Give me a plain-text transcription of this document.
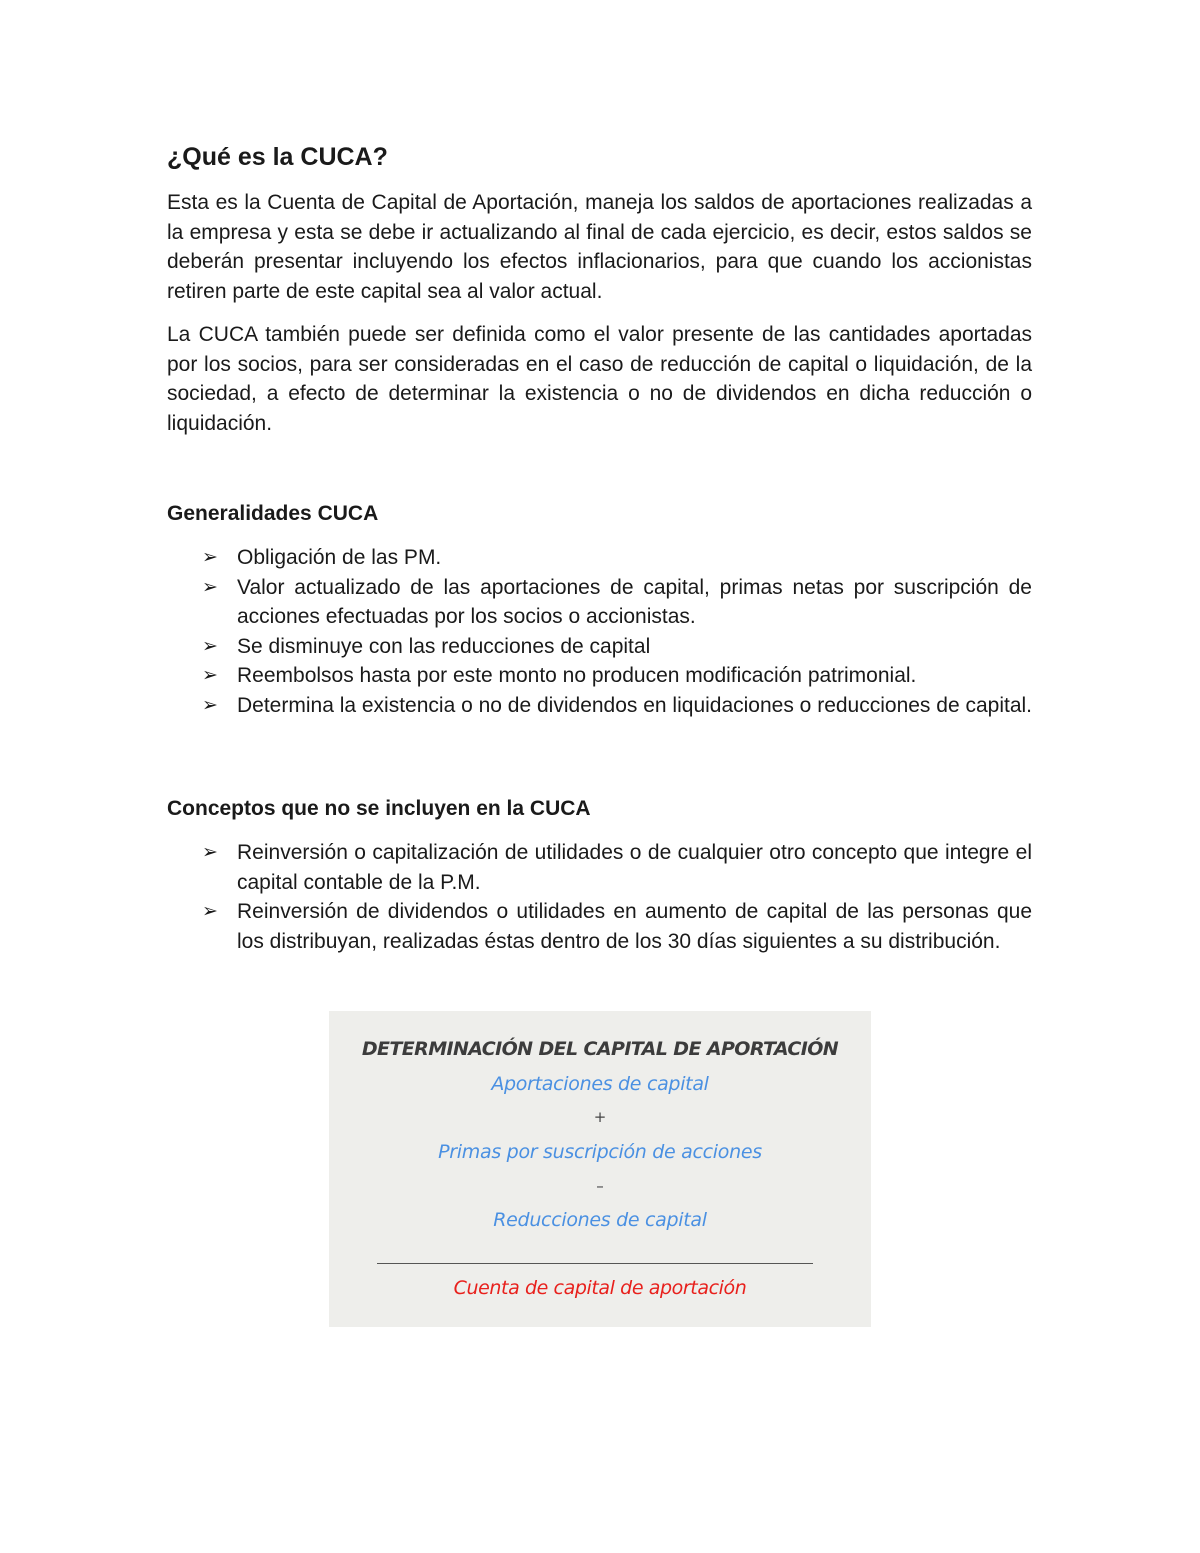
¿Qué es la CUCA?

Esta es la Cuenta de Capital de Aportación, maneja los saldos de aportaciones realizadas a la empresa y esta se debe ir actualizando al final de cada ejercicio, es decir, estos saldos se deberán presentar incluyendo los efectos inflacionarios, para que cuando los accionistas retiren parte de este capital sea al valor actual.

La CUCA también puede ser definida como el valor presente de las cantidades aportadas por los socios, para ser consideradas en el caso de reducción de capital o liquidación, de la sociedad, a efecto de determinar la existencia o no de dividendos en dicha reducción o liquidación.

Generalidades CUCA
➢ Obligación de las PM.
➢ Valor actualizado de las aportaciones de capital, primas netas por suscripción de acciones efectuadas por los socios o accionistas.
➢ Se disminuye con las reducciones de capital
➢ Reembolsos hasta por este monto no producen modificación patrimonial.
➢ Determina la existencia o no de dividendos en liquidaciones o reducciones de capital.
Conceptos que no se incluyen en la CUCA
➢ Reinversión o capitalización de utilidades o de cualquier otro concepto que integre el capital contable de la P.M.
➢ Reinversión de dividendos o utilidades en aumento de capital de las personas que los distribuyan, realizadas éstas dentro de los 30 días siguientes a su distribución.
DETERMINACIÓN DEL CAPITAL DE APORTACIÓN
Aportaciones de capital
+
Primas por suscripción de acciones
–
Reducciones de capital
Cuenta de capital de aportación
